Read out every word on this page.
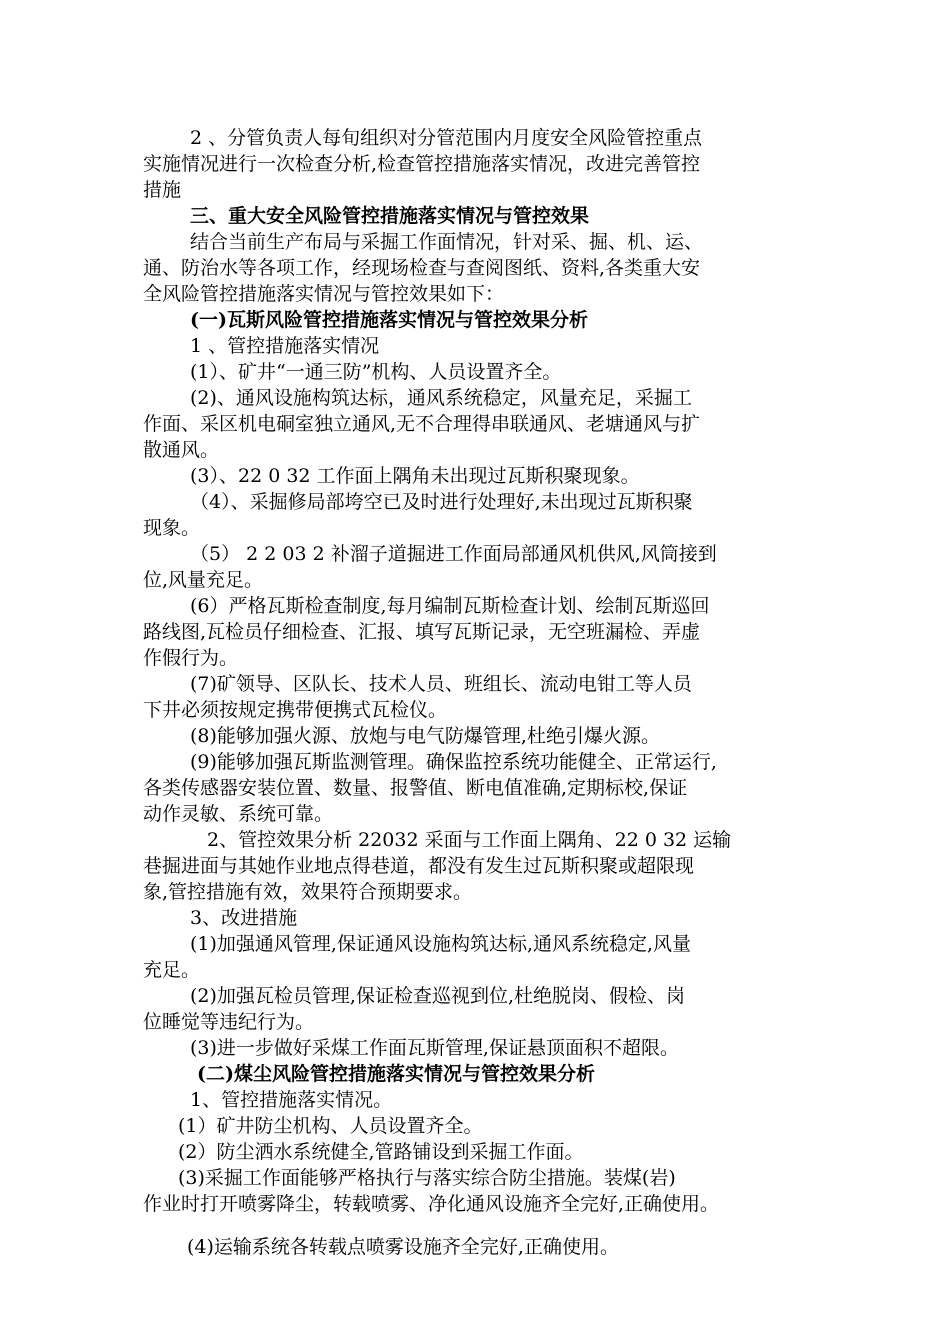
2 、分管负责人每旬组织对分管范围内月度安全风险管控重点
实施情况进行一次检查分析,检查管控措施落实情况，改进完善管控
措施
三、重大安全风险管控措施落实情况与管控效果
结合当前生产布局与采掘工作面情况，针对采、掘、机、运、
通、防治水等各项工作，经现场检查与查阅图纸、资料,各类重大安
全风险管控措施落实情况与管控效果如下：
(一)瓦斯风险管控措施落实情况与管控效果分析
1 、管控措施落实情况
(1）、矿井“一通三防”机构、人员设置齐全。
(2)、通风设施构筑达标，通风系统稳定，风量充足，采掘工
作面、采区机电硐室独立通风,无不合理得串联通风、老塘通风与扩
散通风。
(3）、22 0 32 工作面上隅角未出现过瓦斯积聚现象。
（4）、采掘修局部垮空已及时进行处理好,未出现过瓦斯积聚
现象。
（5） 2 2 03 2 补溜子道掘进工作面局部通风机供风,风筒接到
位,风量充足。
(6）严格瓦斯检查制度,每月编制瓦斯检查计划、绘制瓦斯巡回
路线图,瓦检员仔细检查、汇报、填写瓦斯记录，无空班漏检、弄虚
作假行为。
(7)矿领导、区队长、技术人员、班组长、流动电钳工等人员
下井必须按规定携带便携式瓦检仪。
(8)能够加强火源、放炮与电气防爆管理,杜绝引爆火源。
(9)能够加强瓦斯监测管理。确保监控系统功能健全、正常运行,
各类传感器安装位置、数量、报警值、断电值准确,定期标校,保证
动作灵敏、系统可靠。
2、管控效果分析 22032 采面与工作面上隅角、22 0 32 运输
巷掘进面与其她作业地点得巷道，都没有发生过瓦斯积聚或超限现
象,管控措施有效，效果符合预期要求。
3、改进措施
(1)加强通风管理,保证通风设施构筑达标,通风系统稳定,风量
充足。
(2)加强瓦检员管理,保证检查巡视到位,杜绝脱岗、假检、岗
位睡觉等违纪行为。
(3)进一步做好采煤工作面瓦斯管理,保证悬顶面积不超限。
(二)煤尘风险管控措施落实情况与管控效果分析
1、管控措施落实情况。
(1）矿井防尘机构、人员设置齐全。
(2）防尘洒水系统健全,管路铺设到采掘工作面。
(3)采掘工作面能够严格执行与落实综合防尘措施。装煤(岩)
作业时打开喷雾降尘，转载喷雾、净化通风设施齐全完好,正确使用。
(4)运输系统各转载点喷雾设施齐全完好,正确使用。
